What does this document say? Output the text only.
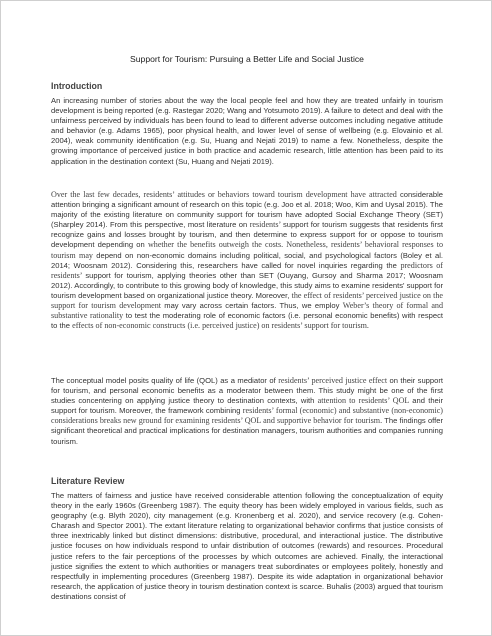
Support for Tourism: Pursuing a Better Life and Social Justice

Introduction

An increasing number of stories about the way the local people feel and how they are treated unfairly in tourism development is being reported (e.g. Rastegar 2020; Wang and Yotsumoto 2019). A failure to detect and deal with the unfairness perceived by individuals has been found to lead to different adverse outcomes including negative attitude and behavior (e.g. Adams 1965), poor physical health, and lower level of sense of wellbeing (e.g. Elovainio et al. 2004), weak community identification (e.g. Su, Huang and Nejati 2019) to name a few. Nonetheless, despite the growing importance of perceived justice in both practice and academic research, little attention has been paid to its application in the destination context (Su, Huang and Nejati 2019).

Over the last few decades, residents’ attitudes or behaviors toward tourism development have attracted considerable attention bringing a significant amount of research on this topic (e.g. Joo et al. 2018; Woo, Kim and Uysal 2015). The majority of the existing literature on community support for tourism have adopted Social Exchange Theory (SET) (Sharpley 2014). From this perspective, most literature on residents’ support for tourism suggests that residents first recognize gains and losses brought by tourism, and then determine to express support for or oppose to tourism development depending on whether the benefits outweigh the costs. Nonetheless, residents’ behavioral responses to tourism may depend on non-economic domains including political, social, and psychological factors (Boley et al. 2014; Woosnam 2012). Considering this, researchers have called for novel inquiries regarding the predictors of residents’ support for tourism, applying theories other than SET (Ouyang, Gursoy and Sharma 2017; Woosnam 2012). Accordingly, to contribute to this growing body of knowledge, this study aims to examine residents' support for tourism development based on organizational justice theory. Moreover, the effect of residents’ perceived justice on the support for tourism development may vary across certain factors. Thus, we employ Weber’s theory of formal and substantive rationality to test the moderating role of economic factors (i.e. personal economic benefits) with respect to the effects of non-economic constructs (i.e. perceived justice) on residents’ support for tourism.

The conceptual model posits quality of life (QOL) as a mediator of residents’ perceived justice effect on their support for tourism, and personal economic benefits as a moderator between them. This study might be one of the first studies concentering on applying justice theory to destination contexts, with attention to residents’ QOL and their support for tourism. Moreover, the framework combining residents’ formal (economic) and substantive (non-economic) considerations breaks new ground for examining residents’ QOL and supportive behavior for tourism. The findings offer significant theoretical and practical implications for destination managers, tourism authorities and companies running tourism.

Literature Review

The matters of fairness and justice have received considerable attention following the conceptualization of equity theory in the early 1960s (Greenberg 1987). The equity theory has been widely employed in various fields, such as geography (e.g. Blyth 2020), city management (e.g. Kronenberg et al. 2020), and service recovery (e.g. Cohen-Charash and Spector 2001). The extant literature relating to organizational behavior confirms that justice consists of three inextricably linked but distinct dimensions: distributive, procedural, and interactional justice. The distributive justice focuses on how individuals respond to unfair distribution of outcomes (rewards) and resources. Procedural justice refers to the fair perceptions of the processes by which outcomes are achieved. Finally, the interactional justice signifies the extent to which authorities or managers treat subordinates or employees politely, honestly and respectfully in implementing procedures (Greenberg 1987). Despite its wide adaptation in organizational behavior research, the application of justice theory in tourism destination context is scarce. Buhalis (2003) argued that tourism destinations consist of
